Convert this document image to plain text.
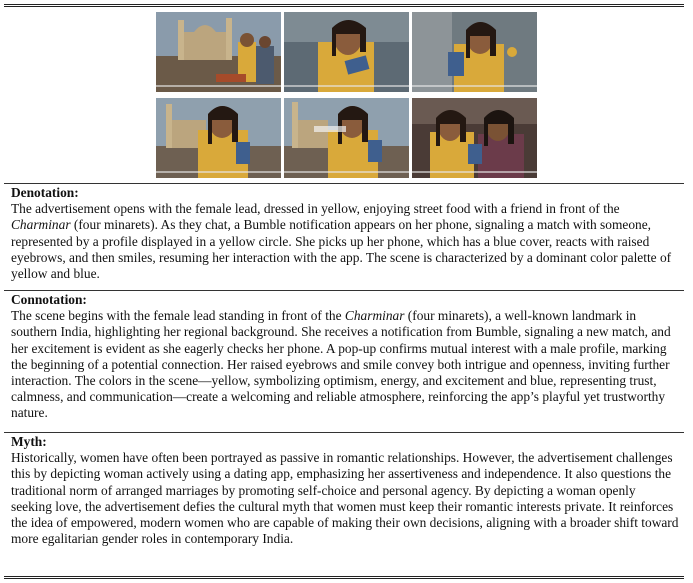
Denotation:

The advertisement opens with the female lead, dressed in yellow, enjoying street food with a friend in front of the Charminar (four minarets). As they chat, a Bumble notification appears on her phone, signaling a match with someone, represented by a profile displayed in a yellow circle. She picks up her phone, which has a blue cover, reacts with raised eyebrows, and then smiles, resuming her interaction with the app. The scene is characterized by a dominant color palette of yellow and blue.

Connotation:

The scene begins with the female lead standing in front of the Charminar (four minarets), a well-known landmark in southern India, highlighting her regional background. She receives a notification from Bumble, signaling a new match, and her excitement is evident as she eagerly checks her phone. A pop-up confirms mutual interest with a male profile, marking the beginning of a potential connection. Her raised eyebrows and smile convey both intrigue and openness, inviting further interaction. The colors in the scene—yellow, symbolizing optimism, energy, and excitement and blue, representing trust, calmness, and communication—create a welcoming and reliable atmosphere, reinforcing the app’s playful yet trustworthy nature.

Myth:

Historically, women have often been portrayed as passive in romantic relationships. However, the advertisement challenges this by depicting woman actively using a dating app, emphasizing her assertiveness and independence. It also questions the traditional norm of arranged marriages by promoting self-choice and personal agency. By depicting a woman openly seeking love, the advertisement defies the cultural myth that women must keep their romantic interests private. It reinforces the idea of empowered, modern women who are capable of making their own decisions, aligning with a broader shift toward more egalitarian gender roles in contemporary India.
